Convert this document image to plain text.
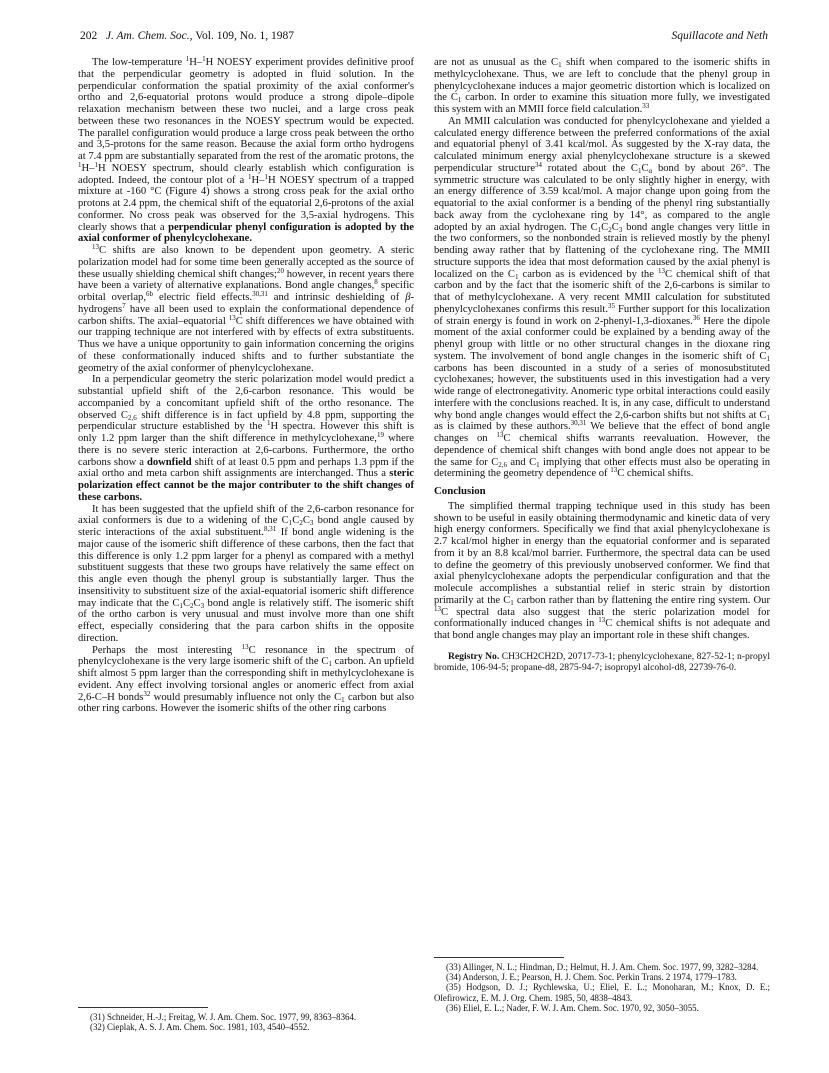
202 J. Am. Chem. Soc., Vol. 109, No. 1, 1987	Squillacote and Neth

The low-temperature $^1$H–$^1$H NOESY experiment provides definitive proof that the perpendicular geometry is adopted in fluid solution. In the perpendicular conformation the spatial proximity of the axial conformer's ortho and 2,6-equatorial protons would produce a strong dipole–dipole relaxation mechanism between these two nuclei, and a large cross peak between these two resonances in the NOESY spectrum would be expected. The parallel configuration would produce a large cross peak between the ortho and 3,5-protons for the same reason. Because the axial form ortho hydrogens at 7.4 ppm are substantially separated from the rest of the aromatic protons, the $^1$H–$^1$H NOESY spectrum, should clearly establish which configuration is adopted. Indeed, the contour plot of a $^1$H–$^1$H NOESY spectrum of a trapped mixture at -160 °C (Figure 4) shows a strong cross peak for the axial ortho protons at 2.4 ppm, the chemical shift of the equatorial 2,6-protons of the axial conformer. No cross peak was observed for the 3,5-axial hydrogens. This clearly shows that a perpendicular phenyl configuration is adopted by the axial conformer of phenylcyclohexane.

$^{13}$C shifts are also known to be dependent upon geometry. A steric polarization model had for some time been generally accepted as the source of these usually shielding chemical shift changes;$^{20}$ however, in recent years there have been a variety of alternative explanations. Bond angle changes,$^8$ specific orbital overlap,$^{6b}$ electric field effects.$^{30,31}$ and intrinsic deshielding of β-hydrogens$^7$ have all been used to explain the conformational dependence of carbon shifts. The axial–equatorial $^{13}$C shift differences we have obtained with our trapping technique are not interfered with by effects of extra substituents. Thus we have a unique opportunity to gain information concerning the origins of these conformationally induced shifts and to further substantiate the geometry of the axial conformer of phenylcyclohexane.

In a perpendicular geometry the steric polarization model would predict a substantial upfield shift of the 2,6-carbon resonance. This would be accompanied by a concomitant upfield shift of the ortho resonance. The observed $C_{2,6}$ shift difference is in fact upfield by 4.8 ppm, supporting the perpendicular structure established by the $^1$H spectra. However this shift is only 1.2 ppm larger than the shift difference in methylcyclohexane,$^{19}$ where there is no severe steric interaction at 2,6-carbons. Furthermore, the ortho carbons show a downfield shift of at least 0.5 ppm and perhaps 1.3 ppm if the axial ortho and meta carbon shift assignments are interchanged. Thus a steric polarization effect cannot be the major contributer to the shift changes of these carbons.

It has been suggested that the upfield shift of the 2,6-carbon resonance for axial conformers is due to a widening of the $C_1C_2C_3$ bond angle caused by steric interactions of the axial substituent.$^{8,31}$ If bond angle widening is the major cause of the isomeric shift difference of these carbons, then the fact that this difference is only 1.2 ppm larger for a phenyl as compared with a methyl substituent suggests that these two groups have relatively the same effect on this angle even though the phenyl group is substantially larger. Thus the insensitivity to substituent size of the axial-equatorial isomeric shift difference may indicate that the $C_1C_2C_3$ bond angle is relatively stiff. The isomeric shift of the ortho carbon is very unusual and must involve more than one shift effect, especially considering that the para carbon shifts in the opposite direction.

Perhaps the most interesting $^{13}$C resonance in the spectrum of phenylcyclohexane is the very large isomeric shift of the $C_1$ carbon. An upfield shift almost 5 ppm larger than the corresponding shift in methylcyclohexane is evident. Any effect involving torsional angles or anomeric effect from axial 2,6-C–H bonds$^{32}$ would presumably influence not only the $C_1$ carbon but also other ring carbons. However the isomeric shifts of the other ring carbons

(31) Schneider, H.-J.; Freitag, W. J. Am. Chem. Soc. 1977, 99, 8363–8364.

(32) Cieplak, A. S. J. Am. Chem. Soc. 1981, 103, 4540–4552.

are not as unusual as the $C_1$ shift when compared to the isomeric shifts in methylcyclohexane. Thus, we are left to conclude that the phenyl group in phenylcyclohexane induces a major geometric distortion which is localized on the $C_1$ carbon. In order to examine this situation more fully, we investigated this system with an MMII force field calculation.$^{33}$

An MMII calculation was conducted for phenylcyclohexane and yielded a calculated energy difference between the preferred conformations of the axial and equatorial phenyl of 3.41 kcal/mol. As suggested by the X-ray data, the calculated minimum energy axial phenylcyclohexane structure is a skewed perpendicular structure$^{34}$ rotated about the $C_1C_\alpha$ bond by about 26°. The symmetric structure was calculated to be only slightly higher in energy, with an energy difference of 3.59 kcal/mol. A major change upon going from the equatorial to the axial conformer is a bending of the phenyl ring substantially back away from the cyclohexane ring by 14°, as compared to the angle adopted by an axial hydrogen. The $C_1C_2C_3$ bond angle changes very little in the two conformers, so the nonbonded strain is relieved mostly by the phenyl bending away rather that by flattening of the cyclohexane ring. The MMII structure supports the idea that most deformation caused by the axial phenyl is localized on the $C_1$ carbon as is evidenced by the $^{13}$C chemical shift of that carbon and by the fact that the isomeric shift of the 2,6-carbons is similar to that of methylcyclohexane. A very recent MMII calculation for substituted phenylcyclohexanes confirms this result.$^{35}$ Further support for this localization of strain energy is found in work on 2-phenyl-1,3-dioxanes.$^{36}$ Here the dipole moment of the axial conformer could be explained by a bending away of the phenyl group with little or no other structural changes in the dioxane ring system. The involvement of bond angle changes in the isomeric shift of $C_1$ carbons has been discounted in a study of a series of monosubstituted cyclohexanes; however, the substituents used in this investigation had a very wide range of electronegativity. Anomeric type orbital interactions could easily interfere with the conclusions reached. It is, in any case, difficult to understand why bond angle changes would effect the 2,6-carbon shifts but not shifts at $C_1$ as is claimed by these authors.$^{30,31}$ We believe that the effect of bond angle changes on $^{13}$C chemical shifts warrants reevaluation. However, the dependence of chemical shift changes with bond angle does not appear to be the same for $C_{2,6}$ and $C_1$ implying that other effects must also be operating in determining the geometry dependence of $^{13}$C chemical shifts.

Conclusion

The simplified thermal trapping technique used in this study has been shown to be useful in easily obtaining thermodynamic and kinetic data of very high energy conformers. Specifically we find that axial phenylcyclohexane is 2.7 kcal/mol higher in energy than the equatorial conformer and is separated from it by an 8.8 kcal/mol barrier. Furthermore, the spectral data can be used to define the geometry of this previously unobserved conformer. We find that axial phenylcyclohexane adopts the perpendicular configuration and that the molecule accomplishes a substantial relief in steric strain by distortion primarily at the $C_1$ carbon rather than by flattening the entire ring system. Our $^{13}$C spectral data also suggest that the steric polarization model for conformationally induced changes in $^{13}$C chemical shifts is not adequate and that bond angle changes may play an important role in these shift changes.

Registry No. CH3CH2CH2D, 20717-73-1; phenylcyclohexane, 827-52-1; n-propyl bromide, 106-94-5; propane-d8, 2875-94-7; isopropyl alcohol-d8, 22739-76-0.

(33) Allinger, N. L.; Hindman, D.; Helmut, H. J. Am. Chem. Soc. 1977, 99, 3282–3284.

(34) Anderson, J. E.; Pearson, H. J. Chem. Soc. Perkin Trans. 2 1974, 1779–1783.

(35) Hodgson, D. J.; Rychlewska, U.; Eliel, E. L.; Monoharan, M.; Knox, D. E.; Olefirowicz, E. M. J. Org. Chem. 1985, 50, 4838–4843.

(36) Eliel, E. L.; Nader, F. W. J. Am. Chem. Soc. 1970, 92, 3050–3055.
